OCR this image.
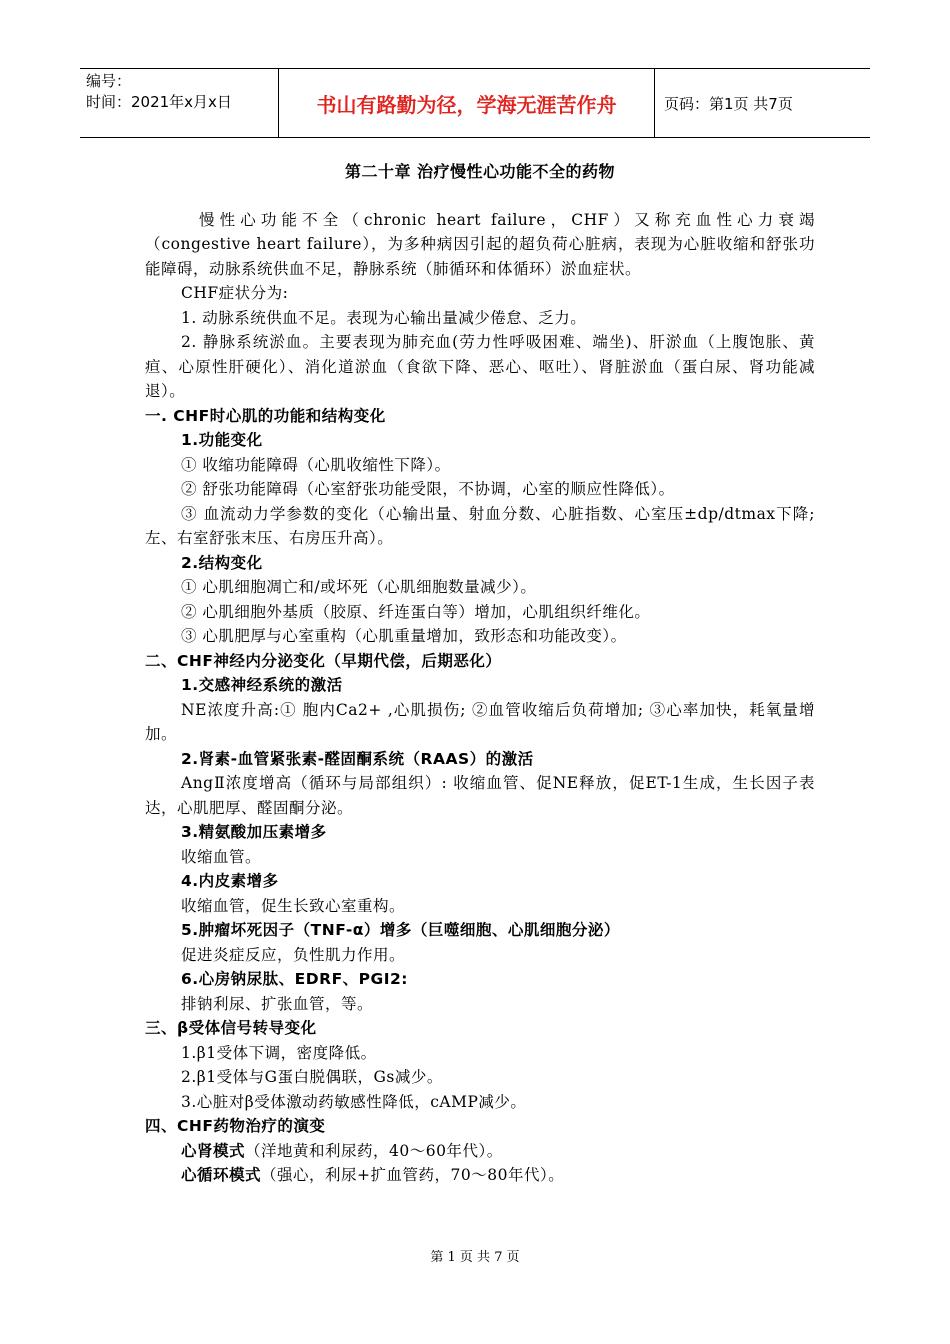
编号：
时间：2021年x月x日	书山有路勤为径，学海无涯苦作舟	页码：第1页 共7页

第二十章 治疗慢性心功能不全的药物

慢性心功能不全（chronic heart failure，CHF）又称充血性心力衰竭（congestive heart failure），为多种病因引起的超负荷心脏病，表现为心脏收缩和舒张功能障碍，动脉系统供血不足，静脉系统（肺循环和体循环）淤血症状。

CHF症状分为:

1. 动脉系统供血不足。表现为心输出量减少倦怠、乏力。

2. 静脉系统淤血。主要表现为肺充血(劳力性呼吸困难、端坐)、肝淤血（上腹饱胀、黄疸、心原性肝硬化）、消化道淤血（食欲下降、恶心、呕吐）、肾脏淤血（蛋白尿、肾功能减退）。

一. CHF时心肌的功能和结构变化

1.功能变化

① 收缩功能障碍（心肌收缩性下降）。

② 舒张功能障碍（心室舒张功能受限，不协调，心室的顺应性降低）。

③ 血流动力学参数的变化（心输出量、射血分数、心脏指数、心室压±dp/dtmax下降; 左、右室舒张末压、右房压升高）。

2.结构变化

① 心肌细胞凋亡和/或坏死（心肌细胞数量减少）。

② 心肌细胞外基质（胶原、纤连蛋白等）增加，心肌组织纤维化。

③ 心肌肥厚与心室重构（心肌重量增加，致形态和功能改变）。

二、CHF神经内分泌变化（早期代偿，后期恶化）

1.交感神经系统的激活

NE浓度升高:① 胞内Ca2+ ,心肌损伤; ②血管收缩后负荷增加; ③心率加快，耗氧量增加。

2.肾素-血管紧张素-醛固酮系统（RAAS）的激活

AngⅡ浓度增高（循环与局部组织）: 收缩血管、促NE释放，促ET-1生成，生长因子表达，心肌肥厚、醛固酮分泌。

3.精氨酸加压素增多

收缩血管。

4.内皮素增多

收缩血管，促生长致心室重构。

5.肿瘤坏死因子（TNF-α）增多（巨噬细胞、心肌细胞分泌）

促进炎症反应，负性肌力作用。

6.心房钠尿肽、EDRF、PGI2:

排钠利尿、扩张血管，等。

三、β受体信号转导变化

1.β1受体下调，密度降低。

2.β1受体与G蛋白脱偶联，Gs减少。

3.心脏对β受体激动药敏感性降低，cAMP减少。

四、CHF药物治疗的演变

心肾模式（洋地黄和利尿药，40～60年代）。

心循环模式（强心，利尿+扩血管药，70～80年代）。

第 1 页 共 7 页
